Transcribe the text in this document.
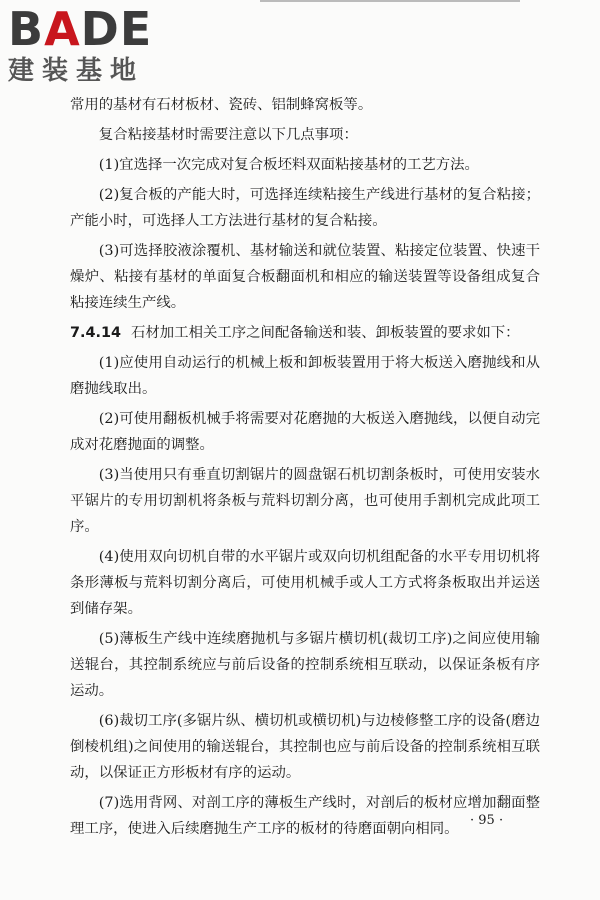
BADE
建装基地

常用的基材有石材板材、瓷砖、铝制蜂窝板等。

复合粘接基材时需要注意以下几点事项：

(1)宜选择一次完成对复合板坯料双面粘接基材的工艺方法。

(2)复合板的产能大时，可选择连续粘接生产线进行基材的复合粘接；产能小时，可选择人工方法进行基材的复合粘接。

(3)可选择胶液涂覆机、基材输送和就位装置、粘接定位装置、快速干燥炉、粘接有基材的单面复合板翻面机和相应的输送装置等设备组成复合粘接连续生产线。

7.4.14 石材加工相关工序之间配备输送和装、卸板装置的要求如下：

(1)应使用自动运行的机械上板和卸板装置用于将大板送入磨抛线和从磨抛线取出。

(2)可使用翻板机械手将需要对花磨抛的大板送入磨抛线，以便自动完成对花磨抛面的调整。

(3)当使用只有垂直切割锯片的圆盘锯石机切割条板时，可使用安装水平锯片的专用切割机将条板与荒料切割分离，也可使用手割机完成此项工序。

(4)使用双向切机自带的水平锯片或双向切机组配备的水平专用切机将条形薄板与荒料切割分离后，可使用机械手或人工方式将条板取出并运送到储存架。

(5)薄板生产线中连续磨抛机与多锯片横切机(裁切工序)之间应使用输送辊台，其控制系统应与前后设备的控制系统相互联动，以保证条板有序运动。

(6)裁切工序(多锯片纵、横切机或横切机)与边棱修整工序的设备(磨边倒棱机组)之间使用的输送辊台，其控制也应与前后设备的控制系统相互联动，以保证正方形板材有序的运动。

(7)选用背网、对剖工序的薄板生产线时，对剖后的板材应增加翻面整理工序，使进入后续磨抛生产工序的板材的待磨面朝向相同。

· 95 ·
